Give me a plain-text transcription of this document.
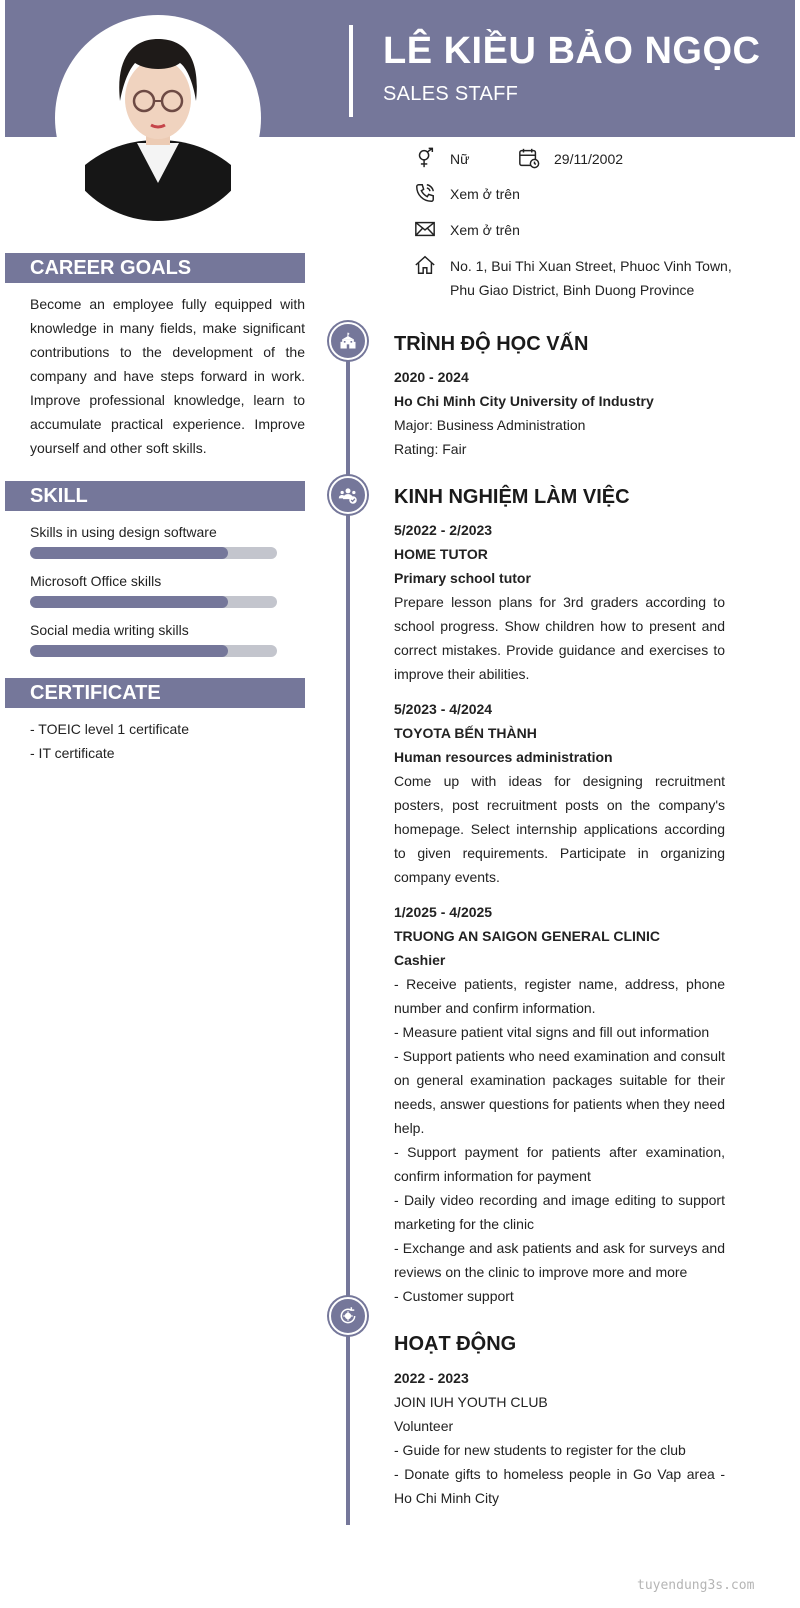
LÊ KIỀU BẢO NGỌC
SALES STAFF
Nữ	29/11/2002
Xem ở trên
Xem ở trên
No. 1, Bui Thi Xuan Street, Phuoc Vinh Town, Phu Giao District, Binh Duong Province
CAREER GOALS
Become an employee fully equipped with knowledge in many fields, make significant contributions to the development of the company and have steps forward in work. Improve professional knowledge, learn to accumulate practical experience. Improve yourself and other soft skills.
SKILL
Skills in using design software
Microsoft Office skills
Social media writing skills
CERTIFICATE
- TOEIC level 1 certificate
- IT certificate
TRÌNH ĐỘ HỌC VẤN
2020 - 2024
Ho Chi Minh City University of Industry
Major: Business Administration
Rating: Fair
KINH NGHIỆM LÀM VIỆC
5/2022 - 2/2023
HOME TUTOR
Primary school tutor
Prepare lesson plans for 3rd graders according to school progress. Show children how to present and correct mistakes. Provide guidance and exercises to improve their abilities.
5/2023 - 4/2024
TOYOTA BẾN THÀNH
Human resources administration
Come up with ideas for designing recruitment posters, post recruitment posts on the company's homepage. Select internship applications according to given requirements. Participate in organizing company events.
1/2025 - 4/2025
TRUONG AN SAIGON GENERAL CLINIC
Cashier
- Receive patients, register name, address, phone number and confirm information.
- Measure patient vital signs and fill out information
- Support patients who need examination and consult on general examination packages suitable for their needs, answer questions for patients when they need help.
- Support payment for patients after examination, confirm information for payment
- Daily video recording and image editing to support marketing for the clinic
- Exchange and ask patients and ask for surveys and reviews on the clinic to improve more and more
- Customer support
HOẠT ĐỘNG
2022 - 2023
JOIN IUH YOUTH CLUB
Volunteer
- Guide for new students to register for the club
- Donate gifts to homeless people in Go Vap area - Ho Chi Minh City
tuyendung3s.com
